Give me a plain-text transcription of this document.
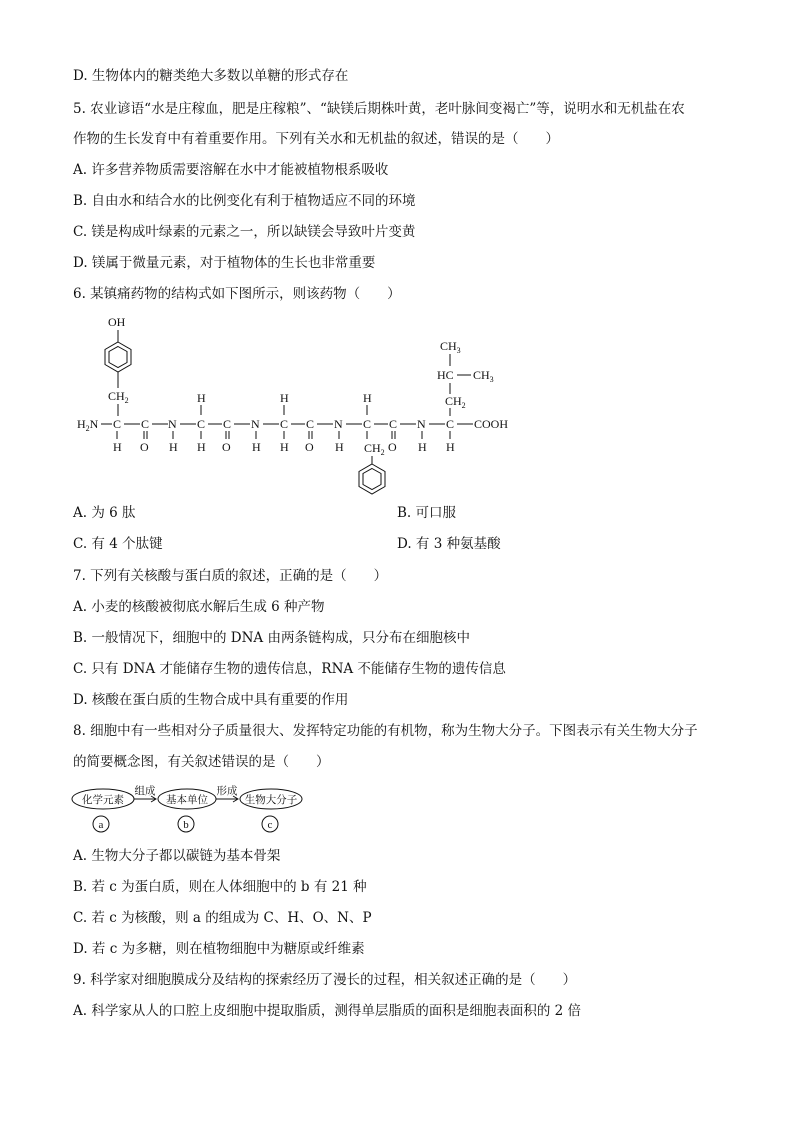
D. 生物体内的糖类绝大多数以单糖的形式存在
5. 农业谚语“水是庄稼血，肥是庄稼粮”、“缺镁后期株叶黄，老叶脉间变褐亡”等，说明水和无机盐在农
作物的生长发育中有着重要作用。下列有关水和无机盐的叙述，错误的是（　　）
A. 许多营养物质需要溶解在水中才能被植物根系吸收
B. 自由水和结合水的比例变化有利于植物适应不同的环境
C. 镁是构成叶绿素的元素之一，所以缺镁会导致叶片变黄
D. 镁属于微量元素，对于植物体的生长也非常重要
6. 某镇痛药物的结构式如下图所示，则该药物（　　）
OH
$CH_2$
$H_2N$ C C N C C N C C N C C N C COOH
H	H	H
$CH_3$
HC $CH_3$
$CH_2$
H O H H O H H O H $CH_2$ O H H
A. 为 6 肽	B. 可口服
C. 有 4 个肽键	D. 有 3 种氨基酸
7. 下列有关核酸与蛋白质的叙述，正确的是（　　）
A. 小麦的核酸被彻底水解后生成 6 种产物
B. 一般情况下，细胞中的 DNA 由两条链构成，只分布在细胞核中
C. 只有 DNA 才能储存生物的遗传信息，RNA 不能储存生物的遗传信息
D. 核酸在蛋白质的生物合成中具有重要的作用
8. 细胞中有一些相对分子质量很大、发挥特定功能的有机物，称为生物大分子。下图表示有关生物大分子
的简要概念图，有关叙述错误的是（　　）
化学元素	基本单位	生物大分子
组成	形成
a	b	c
A. 生物大分子都以碳链为基本骨架
B. 若 c 为蛋白质，则在人体细胞中的 b 有 21 种
C. 若 c 为核酸，则 a 的组成为 C、H、O、N、P
D. 若 c 为多糖，则在植物细胞中为糖原或纤维素
9. 科学家对细胞膜成分及结构的探索经历了漫长的过程，相关叙述正确的是（　　）
A. 科学家从人的口腔上皮细胞中提取脂质，测得单层脂质的面积是细胞表面积的 2 倍
